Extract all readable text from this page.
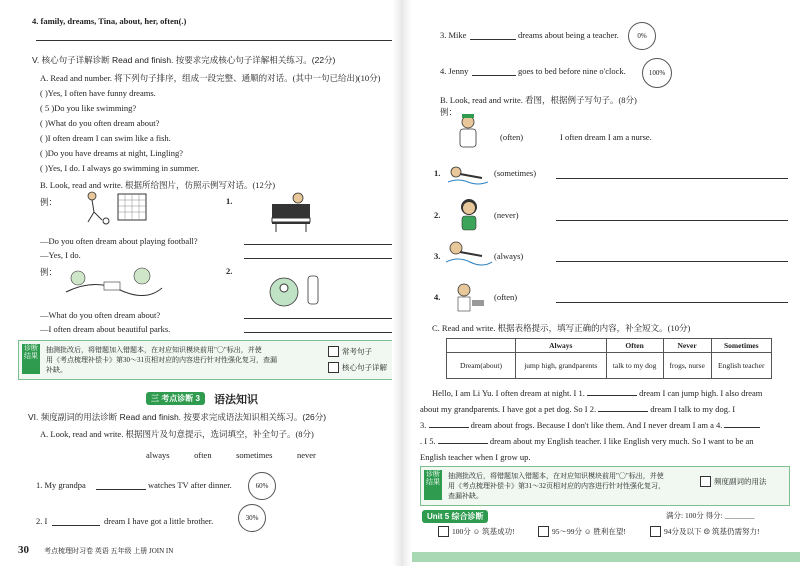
4. family, dreams, Tina, about, her, often(.)
V. 核心句子详解诊断 Read and finish. 按要求完成核心句子详解相关练习。(22分)
A. Read and number. 将下列句子排序，组成一段完整、通顺的对话。(其中一句已给出)(10分)
( )Yes, I often have funny dreams.
( 5 )Do you like swimming?
( )What do you often dream about?
( )I often dream I can swim like a fish.
( )Do you have dreams at night, Lingling?
( )Yes, I do. I always go swimming in summer.
B. Look, read and write. 根据所给图片，仿照示例写对话。(12分)
例：	1.
—Do you often dream about playing football?
—Yes, I do.
例：	2.
—What do you often dream about?
—I often dream about beautiful parks.
诊断结果
抽测批改后，将错题加入错题本，在对应知识模块前用"〇"标出，并使
用《考点梳理补偿卡》第30～31页相对应的内容进行针对性强化复习，查漏
补缺。
常考句子
核心句子详解
三 考点诊断 3	语法知识
VI. 频度副词的用法诊断 Read and finish. 按要求完成语法知识相关练习。(26分)
A. Look, read and write. 根据图片及句意提示，选词填空，补全句子。(8分)
always	often	sometimes	never
1. My grandpa	watches TV after dinner.	60%
2. I	dream I have got a little brother.	30%
30 考点梳理时习卷 英语 五年级 上册 JOIN IN
3. Mike	dreams about being a teacher.	0%
4. Jenny	goes to bed before nine o'clock.	100%
B. Look, read and write. 看图，根据例子写句子。(8分)
例：
(often)	I often dream I am a nurse.
1.	(sometimes)
2.	(never)
3.	(always)
4.	(often)
C. Read and write. 根据表格提示，填写正确的内容，补全短文。(10分)
	Always	Often	Never	Sometimes
Dream(about)	jump high, grandparents	talk to my dog	frogs, nurse	English teacher
Hello, I am Li Yu. I often dream at night. I 1.	dream I can jump high. I also dream
about my grandparents. I have got a pet dog. So I 2.	dream I talk to my dog. I
3.	dream about frogs. Because I don't like them. And I never dream I am a 4.
. I 5.	dream about my English teacher. I like English very much. So I want to be an
English teacher when I grow up.
诊断结果
抽测批改后，将错题加入错题本，在对应知识模块前用"〇"标出，并使
用《考点梳理补偿卡》第31～32页相对应的内容进行针对性强化复习，
查漏补缺。
频度副词的用法
Unit 5 综合诊断	满分: 100分 得分: ________
100分 ☺ 筑基成功!	95～99分 ☺ 胜利在望!	94分及以下 ☹ 筑基仍需努力!
